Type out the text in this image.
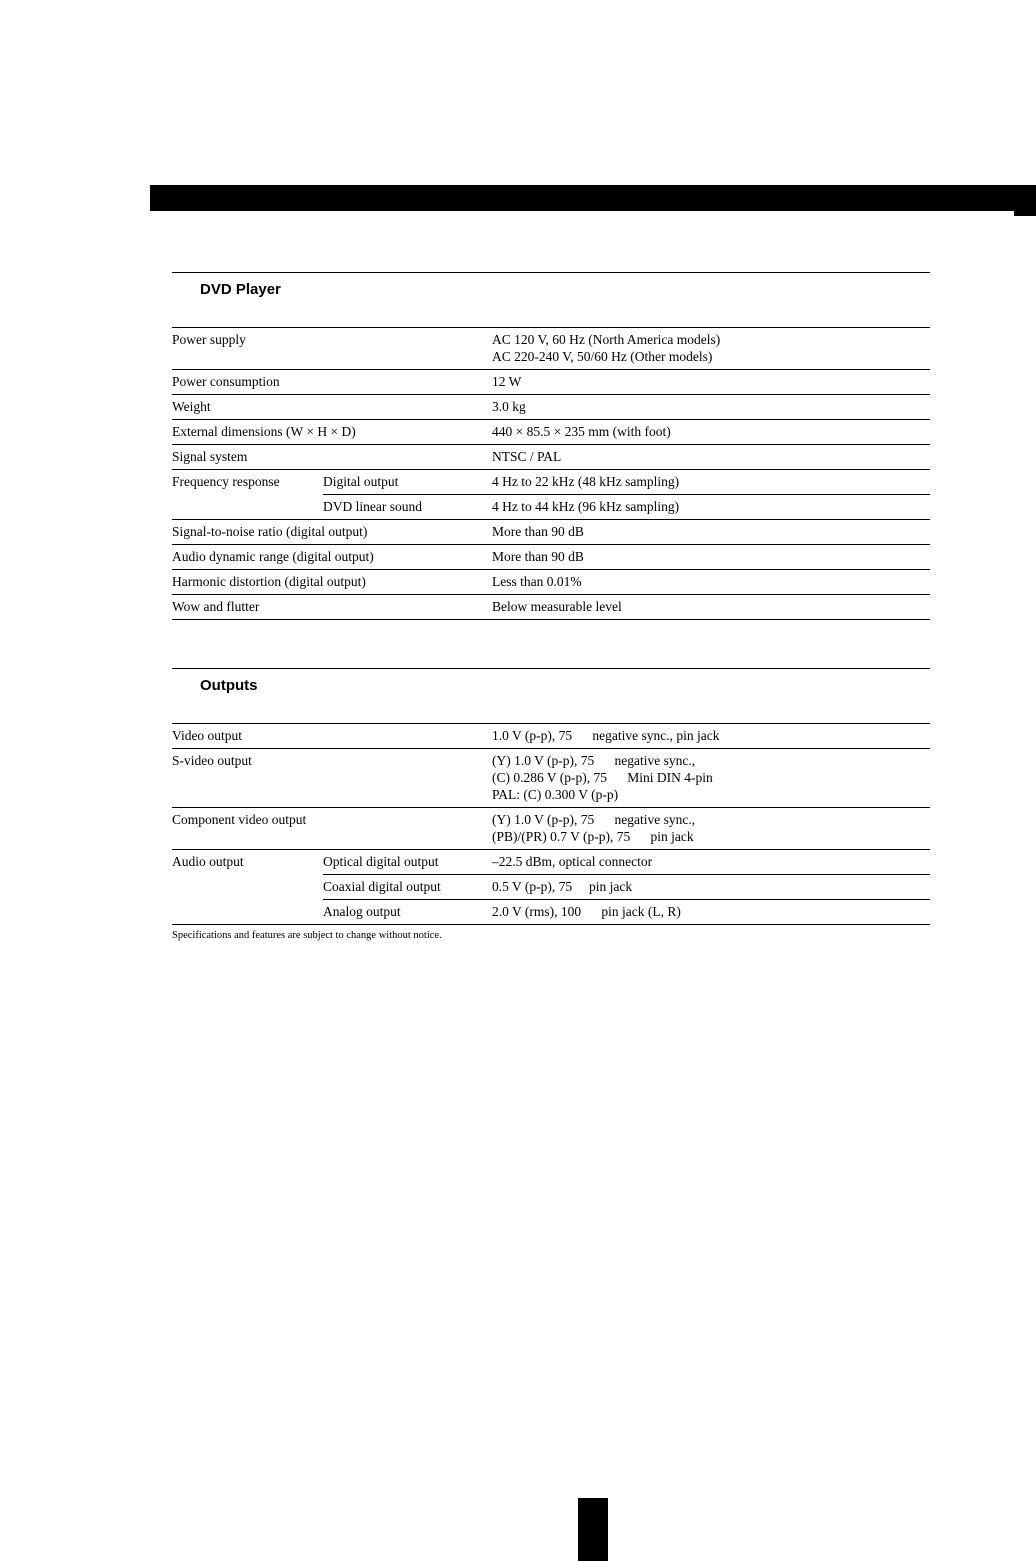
DVD Player
Power supply	AC 120 V, 60 Hz (North America models)
AC 220-240 V, 50/60 Hz (Other models)
Power consumption	12 W
Weight	3.0 kg
External dimensions (W × H × D)	440 × 85.5 × 235 mm (with foot)
Signal system	NTSC / PAL
Frequency response	Digital output	4 Hz to 22 kHz (48 kHz sampling)
DVD linear sound	4 Hz to 44 kHz (96 kHz sampling)
Signal-to-noise ratio (digital output)	More than 90 dB
Audio dynamic range (digital output)	More than 90 dB
Harmonic distortion (digital output)	Less than 0.01%
Wow and flutter	Below measurable level
Outputs
Video output	1.0 V (p-p), 75      negative sync., pin jack
S-video output	(Y) 1.0 V (p-p), 75      negative sync.,
(C) 0.286 V (p-p), 75      Mini DIN 4-pin
PAL: (C) 0.300 V (p-p)
Component video output	(Y) 1.0 V (p-p), 75      negative sync.,
(PB)/(PR) 0.7 V (p-p), 75      pin jack
Audio output	Optical digital output	–22.5 dBm, optical connector
Coaxial digital output	0.5 V (p-p), 75     pin jack
Analog output	2.0 V (rms), 100      pin jack (L, R)

Specifications and features are subject to change without notice.
